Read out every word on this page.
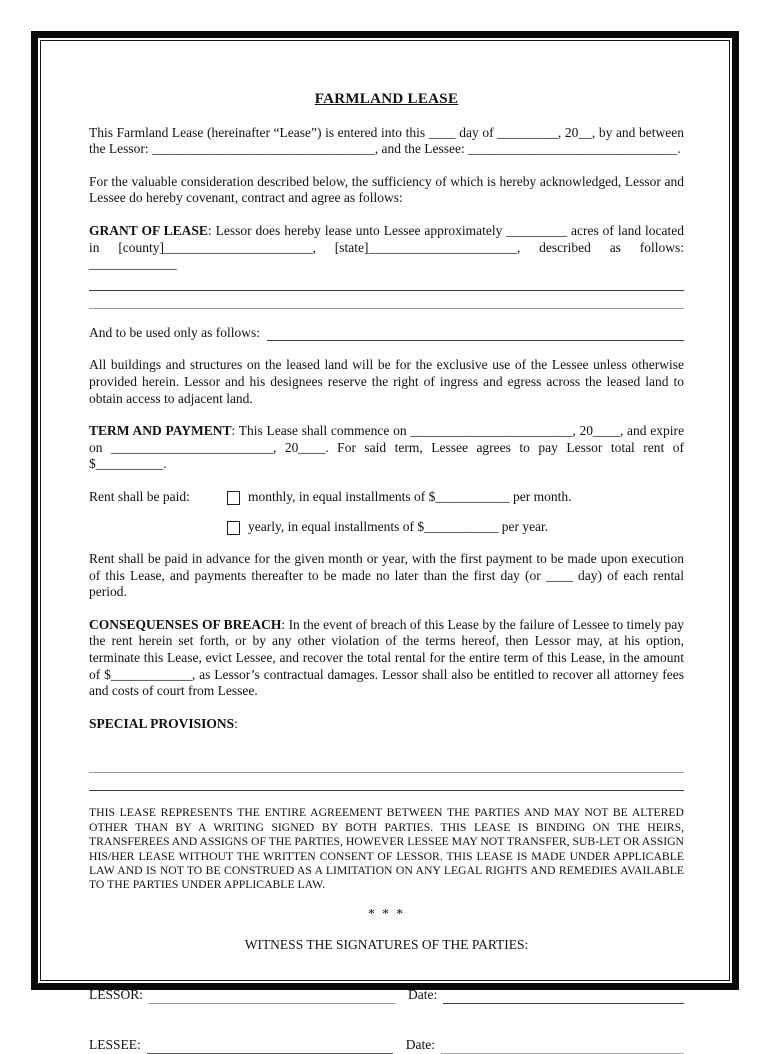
FARMLAND LEASE

This Farmland Lease (hereinafter “Lease”) is entered into this ____ day of _________, 20__, by and between the Lessor: _________________________________, and the Lessee: _______________________________.

For the valuable consideration described below, the sufficiency of which is hereby acknowledged, Lessor and Lessee do hereby covenant, contract and agree as follows:

GRANT OF LEASE: Lessor does hereby lease unto Lessee approximately _________ acres of land located in [county]______________________, [state]______________________, described as follows: _____________

And to be used only as follows:

All buildings and structures on the leased land will be for the exclusive use of the Lessee unless otherwise provided herein. Lessor and his designees reserve the right of ingress and egress across the leased land to obtain access to adjacent land.

TERM AND PAYMENT: This Lease shall commence on ________________________, 20____, and expire on ________________________, 20____. For said term, Lessee agrees to pay Lessor total rent of $__________.

Rent shall be paid:	monthly, in equal installments of $___________ per month.
yearly, in equal installments of $___________ per year.

Rent shall be paid in advance for the given month or year, with the first payment to be made upon execution of this Lease, and payments thereafter to be made no later than the first day (or ____ day) of each rental period.

CONSEQUENSES OF BREACH: In the event of breach of this Lease by the failure of Lessee to timely pay the rent herein set forth, or by any other violation of the terms hereof, then Lessor may, at his option, terminate this Lease, evict Lessee, and recover the total rental for the entire term of this Lease, in the amount of $____________, as Lessor’s contractual damages. Lessor shall also be entitled to recover all attorney fees and costs of court from Lessee.

SPECIAL PROVISIONS:

THIS LEASE REPRESENTS THE ENTIRE AGREEMENT BETWEEN THE PARTIES AND MAY NOT BE ALTERED OTHER THAN BY A WRITING SIGNED BY BOTH PARTIES. THIS LEASE IS BINDING ON THE HEIRS, TRANSFEREES AND ASSIGNS OF THE PARTIES, HOWEVER LESSEE MAY NOT TRANSFER, SUB-LET OR ASSIGN HIS/HER LEASE WITHOUT THE WRITTEN CONSENT OF LESSOR. THIS LEASE IS MADE UNDER APPLICABLE LAW AND IS NOT TO BE CONSTRUED AS A LIMITATION ON ANY LEGAL RIGHTS AND REMEDIES AVAILABLE TO THE PARTIES UNDER APPLICABLE LAW.

* * *
WITNESS THE SIGNATURES OF THE PARTIES:
LESSOR:	Date:
LESSEE:	Date:
